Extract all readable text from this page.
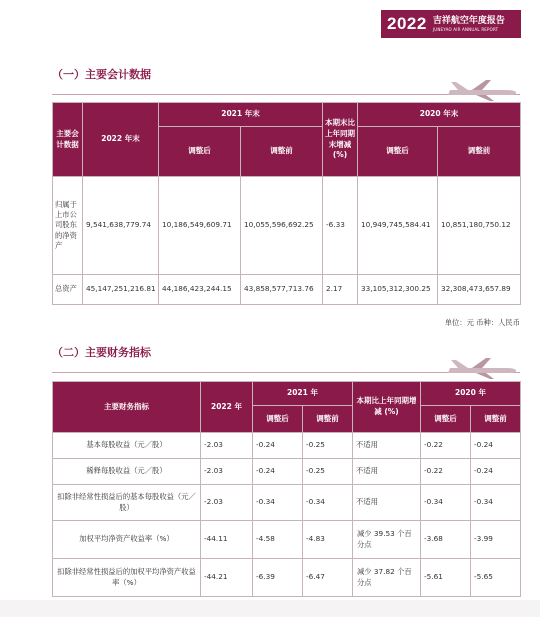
2022 吉祥航空年度报告
JUNEYAO AIR ANNUAL REPORT
（一）主要会计数据
主要会计数据	2022 年末	2021 年末		本期末比上年同期末增减(%)	2020 年末	
		调整后	调整前		调整后	调整前
归属于上市公司股东的净资产	9,541,638,779.74	10,186,549,609.71	10,055,596,692.25	-6.33	10,949,745,584.41	10,851,180,750.12
总资产	45,147,251,216.81	44,186,423,244.15	43,858,577,713.76	2.17	33,105,312,300.25	32,308,473,657.89
单位：元 币种：人民币
（二）主要财务指标
主要财务指标	2022 年	2021 年		本期比上年同期增减 (%)	2020 年	
		调整后	调整前		调整后	调整前
基本每股收益（元／股）	-2.03	-0.24	-0.25	不适用	-0.22	-0.24
稀释每股收益（元／股）	-2.03	-0.24	-0.25	不适用	-0.22	-0.24
扣除非经常性损益后的基本每股收益（元／股）	-2.03	-0.34	-0.34	不适用	-0.34	-0.34
加权平均净资产收益率（%）	-44.11	-4.58	-4.83	减少 39.53 个百分点	-3.68	-3.99
扣除非经常性损益后的加权平均净资产收益率（%）	-44.21	-6.39	-6.47	减少 37.82 个百分点	-5.61	-5.65
